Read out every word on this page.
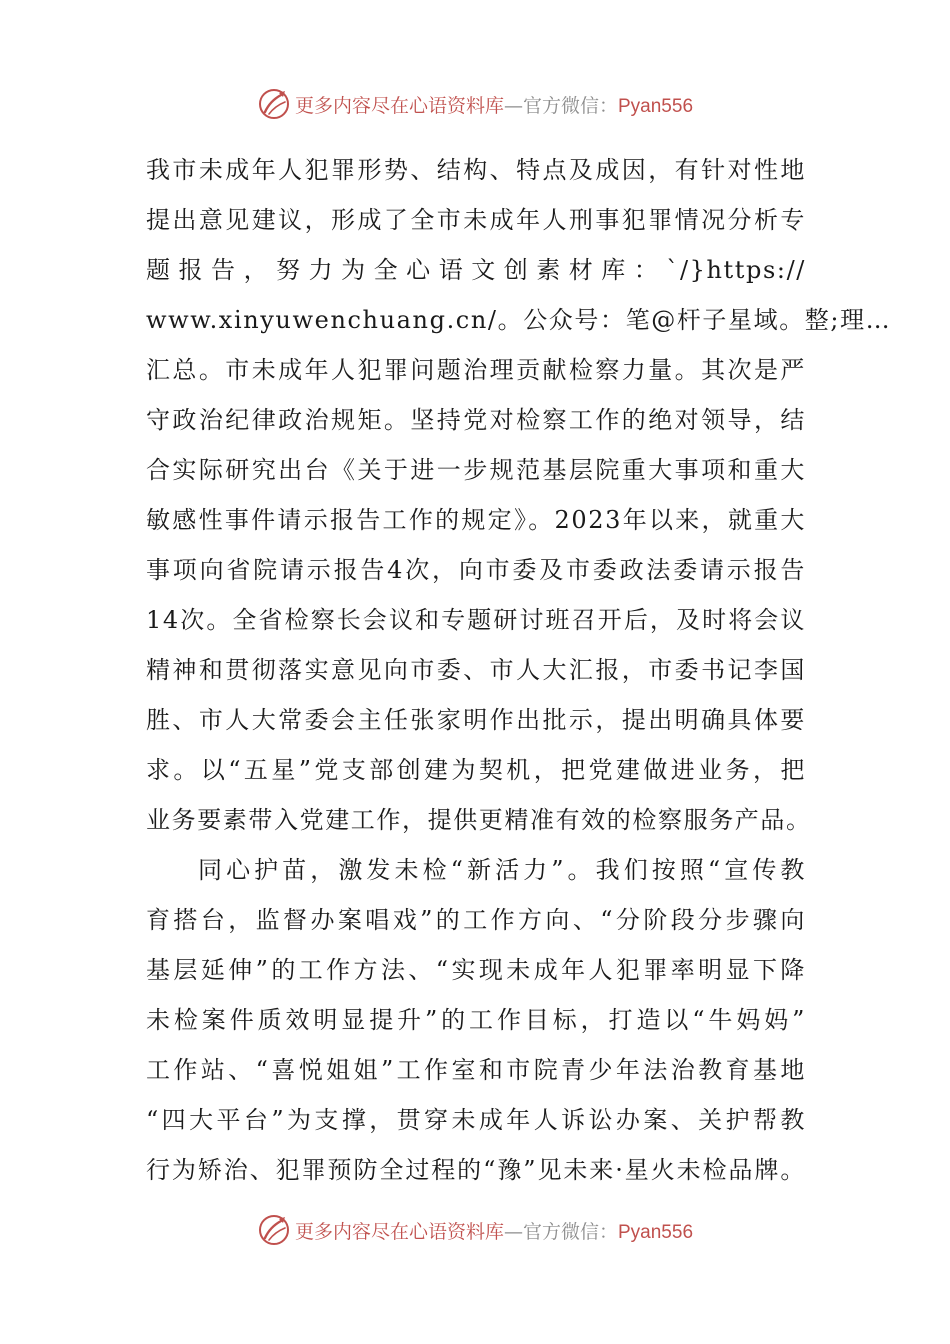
更多内容尽在心语资料库—官方微信：Pyan556
我市未成年人犯罪形势、结构、特点及成因，有针对性地
提出意见建议，形成了全市未成年人刑事犯罪情况分析专
题报告，努力为全心语文创素材库：`/}https://
www.xinyuwenchuang.cn/。公众号：笔@杆子星域。整;理…
汇总。市未成年人犯罪问题治理贡献检察力量。其次是严
守政治纪律政治规矩。坚持党对检察工作的绝对领导，结
合实际研究出台《关于进一步规范基层院重大事项和重大
敏感性事件请示报告工作的规定》。2023年以来，就重大
事项向省院请示报告4次，向市委及市委政法委请示报告
14次。全省检察长会议和专题研讨班召开后，及时将会议
精神和贯彻落实意见向市委、市人大汇报，市委书记李国
胜、市人大常委会主任张家明作出批示，提出明确具体要
求。以“五星”党支部创建为契机，把党建做进业务，把
业务要素带入党建工作，提供更精准有效的检察服务产品。
同心护苗，激发未检“新活力”。我们按照“宣传教
育搭台，监督办案唱戏”的工作方向、“分阶段分步骤向
基层延伸”的工作方法、“实现未成年人犯罪率明显下降
未检案件质效明显提升”的工作目标，打造以“牛妈妈”
工作站、“喜悦姐姐”工作室和市院青少年法治教育基地
“四大平台”为支撑，贯穿未成年人诉讼办案、关护帮教
行为矫治、犯罪预防全过程的“豫”见未来·星火未检品牌。
更多内容尽在心语资料库—官方微信：Pyan556
